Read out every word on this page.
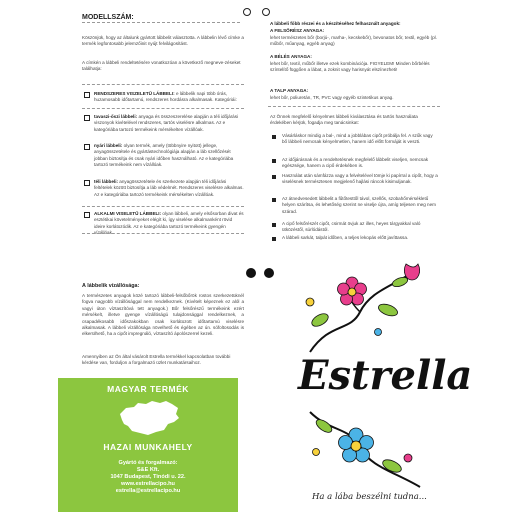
MODELLSZÁM:
Köszönjük, hogy az általunk gyártott lábbelit választotta. A lábbelin lévő címke a termék legfontosabb jelemzőinit nyújt felvilágosítást.
A címkén a lábbeli rendeltetésére vonatkozóan a következő megneve-zéseket találhatja:
RENDSZERES VISZELETŰ LÁBBELI: e lábbelik napi több órás, huzamosabb időtartamú, rendszeres hordásra alkalmasak. Kategóriái:
tavaszi-őszi lábbeli: anyaga és összeszerelése alapján a téli időjárási viszonyok kivételével rendszeres, tartós viselésre alkalmas. Az e kategóriába tartozó termékeink mérsékelten vízállóak.
nyári lábbeli: olyan termék, amely (többnyire nyitott) jellege, anyagösszetétele és gyártástechnológiája alapján a láb szellőzését jobban biztosítja és csak nyári időben használható. Az e kategóriába tartozó termékeink nem vízállóak.
téli lábbeli: anyagösszetétele és szerkezete alapján téli időjárási feltételek között biztosítja a láb védelmét. Rendszeres viselésre alkalmas. Az e kategóriába tartozó termékeink mérsékelten vízállóak.
ALKALMI VISELETŰ LÁBBELI: olyan lábbeli, amely elsősorban divat és esztétikai követelményeket elégít ki, így viselése alkalmanként rövid ideire korlátozódik. Az e kategóriába tartozó termékeink gyengén vízállóak.
A lábbeli főbb részei és a készítéséhez felhasznált anyagok:
A FELSŐRÉSZ ANYAGA:
lehet természetes bőr (borjú-, marha-, kecskebőr), bevonatos bőr, textil, egyéb (pl. műbőr, műanyag, egyéb anyag)
A BÉLÉS ANYAGA:
lehet bőr, textil, műbőr illetve ezek kombinációja. FIGYELEM! Minden bőrbélés színtelítő függően a lábat, a zoknit vagy harisnyát elszínezheti!
A TALP ANYAGA:
lehet bőr, poliuretán, TR, PVC vagy egyéb szintetikus anyag.
Az Önnek megfelelő kényelmes lábbeli kiválasztása és tartós használata érdekében kérjük, fogadja meg tanácsinkat:
Vásárláskor mindig a bal-, mind a jobblábas cipőt próbálja fel. A szűk vagy bő lábbeli nemcsak kényelmetlen, hanem idő előtt formáját is veszti.
Az időjárásnak és a rendeltetésnek megfelelő lábbelit viseljen, nemcsak egészsége, hanem a cipő érdekében is.
Használat után sámfázza vagy a felvételével tömje ki papírral a cipőt, hogy a viselésnek természtesen megjelenő hajlási ráncok kisimuljanak.
Az átnedvesedett lábbelit a fűtőtesttől távol, szellős, szobahőmérsékletű helyen szárítsa, és lehetőség szerint ne viselje újra, amíg teljesen meg nem szárad.
A cipő felsőrészét cipőt, csirmát övjuk az illes, heyes tárgyakkal való ütközéstől, súrlódástól.
A lábbeli sarkát, talpát időben, a teljes lekopás előtt javíttassa.
A lábbelik vízállósága:
A természetes anyagok közé tartozó lábbeli-felsőbőrök rostos szerkezetüknél fogva nagyobb vízállósággal nem rendelkeznek. (Kivételt képeznek ez alól a vagyi úton víztaszítóvá tett anyagok.) Bőr felsőrészű termékeink ezért mérsékelt, illetve gyenge vízállóságú tulajdonsággal rendelkeznek, a csapadékosabb időszakokban csak korlátozott időtartamú viselésre alkalmasak. A lábbeli vízállósága növelhető és égében az ún. sófoltosodás is elkerülhető, ha a cipőt impregnáló, víztaszító ápolószerrel kezeli.
Amennyiben az Ön által vásárolt Estrella termékkel kapcsolatban további kérdése van, forduljon a forgalmazó üzlet munkatársaihoz.
MAGYAR TERMÉK
HAZAI MUNKAHELY
Gyártó és forgalmazó:
S&E Kft.
1047 Budapest, Tinódi u. 22.
www.estrellacipo.hu
estrella@estrellacipo.hu
Estrella
Ha a lába beszélni tudna...
